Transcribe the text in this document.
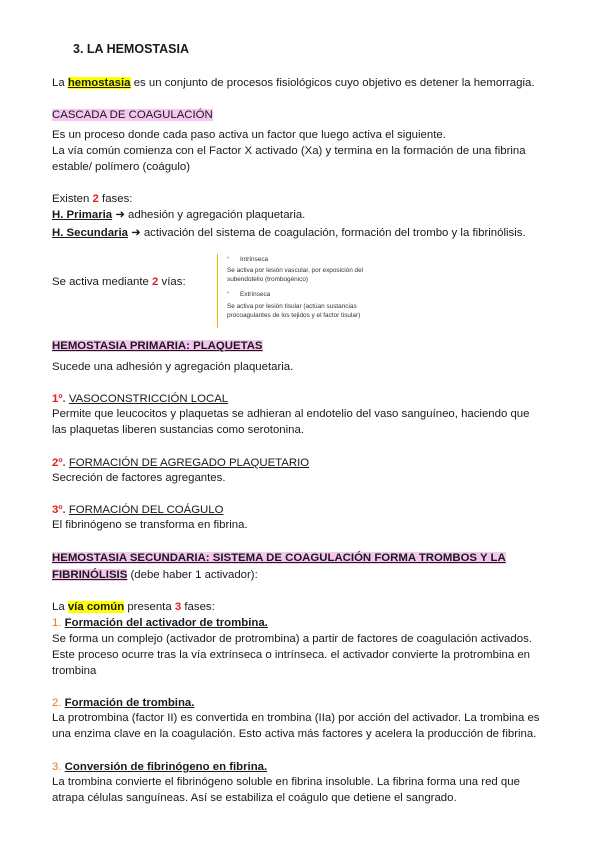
3. LA HEMOSTASIA
La hemostasia es un conjunto de procesos fisiológicos cuyo objetivo es detener la hemorragia.
CASCADA DE COAGULACIÓN
Es un proceso donde cada paso activa un factor que luego activa el siguiente.
La vía común comienza con el Factor X activado (Xa) y termina en la formación de una fibrina
estable/ polímero (coágulo)
Existen 2 fases:
H. Primaria ➜ adhesión y agregación plaquetaria.
H. Secundaria ➜ activación del sistema de coagulación, formación del trombo y la fibrinólisis.
Se activa mediante 2 vías:
• Intrínseca
Se activa por lesión vascular, por exposición del
subendotelio (trombogénico)
• Extrínseca
Se activa por lesión tisular (actúan sustancias
procoagulantes de los tejidos y el factor tisular)
HEMOSTASIA PRIMARIA: PLAQUETAS
Sucede una adhesión y agregación plaquetaria.
1º. VASOCONSTRICCIÓN LOCAL
Permite que leucocitos y plaquetas se adhieran al endotelio del vaso sanguíneo, haciendo que
las plaquetas liberen sustancias como serotonina.
2º. FORMACIÓN DE AGREGADO PLAQUETARIO
Secreción de factores agregantes.
3º. FORMACIÓN DEL COÁGULO
El fibrinógeno se transforma en fibrina.
HEMOSTASIA SECUNDARIA: SISTEMA DE COAGULACIÓN FORMA TROMBOS Y LA
FIBRINÓLISIS (debe haber 1 activador):
La vía común presenta 3 fases:
1. Formación del activador de trombina.
Se forma un complejo (activador de protrombina) a partir de factores de coagulación activados.
Este proceso ocurre tras la vía extrínseca o intrínseca. el activador convierte la protrombina en
trombina
2. Formación de trombina.
La protrombina (factor II) es convertida en trombina (IIa) por acción del activador. La trombina es
una enzima clave en la coagulación. Esto activa más factores y acelera la producción de fibrina.
3. Conversión de fibrinógeno en fibrina.
La trombina convierte el fibrinógeno soluble en fibrina insoluble. La fibrina forma una red que
atrapa células sanguíneas. Así se estabiliza el coágulo que detiene el sangrado.
